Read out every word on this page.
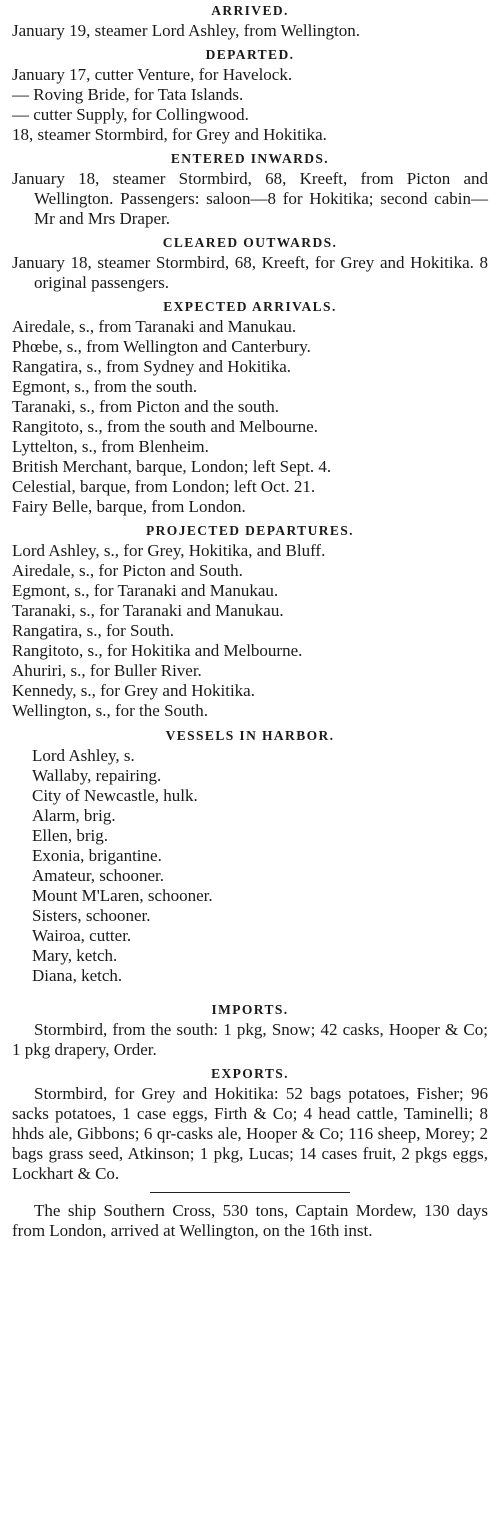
ARRIVED.

January 19, steamer Lord Ashley, from Wellington.

DEPARTED.
January 17, cutter Venture, for Havelock.
— Roving Bride, for Tata Islands.
— cutter Supply, for Collingwood.
18, steamer Stormbird, for Grey and Hokitika.
ENTERED INWARDS.

January 18, steamer Stormbird, 68, Kreeft, from Picton and Wellington. Passengers: saloon—8 for Hokitika; second cabin—Mr and Mrs Draper.

CLEARED OUTWARDS.

January 18, steamer Stormbird, 68, Kreeft, for Grey and Hokitika. 8 original passengers.

EXPECTED ARRIVALS.
Airedale, s., from Taranaki and Manukau.
Phœbe, s., from Wellington and Canterbury.
Rangatira, s., from Sydney and Hokitika.
Egmont, s., from the south.
Taranaki, s., from Picton and the south.
Rangitoto, s., from the south and Melbourne.
Lyttelton, s., from Blenheim.
British Merchant, barque, London; left Sept. 4.
Celestial, barque, from London; left Oct. 21.
Fairy Belle, barque, from London.
PROJECTED DEPARTURES.
Lord Ashley, s., for Grey, Hokitika, and Bluff.
Airedale, s., for Picton and South.
Egmont, s., for Taranaki and Manukau.
Taranaki, s., for Taranaki and Manukau.
Rangatira, s., for South.
Rangitoto, s., for Hokitika and Melbourne.
Ahuriri, s., for Buller River.
Kennedy, s., for Grey and Hokitika.
Wellington, s., for the South.
VESSELS IN HARBOR.
Lord Ashley, s.
Wallaby, repairing.
City of Newcastle, hulk.
Alarm, brig.
Ellen, brig.
Exonia, brigantine.
Amateur, schooner.
Mount M'Laren, schooner.
Sisters, schooner.
Wairoa, cutter.
Mary, ketch.
Diana, ketch.
IMPORTS.

Stormbird, from the south: 1 pkg, Snow; 42 casks, Hooper & Co; 1 pkg drapery, Order.

EXPORTS.

Stormbird, for Grey and Hokitika: 52 bags potatoes, Fisher; 96 sacks potatoes, 1 case eggs, Firth & Co; 4 head cattle, Taminelli; 8 hhds ale, Gibbons; 6 qr-casks ale, Hooper & Co; 116 sheep, Morey; 2 bags grass seed, Atkinson; 1 pkg, Lucas; 14 cases fruit, 2 pkgs eggs, Lockhart & Co.

The ship Southern Cross, 530 tons, Captain Mordew, 130 days from London, arrived at Wellington, on the 16th inst.
